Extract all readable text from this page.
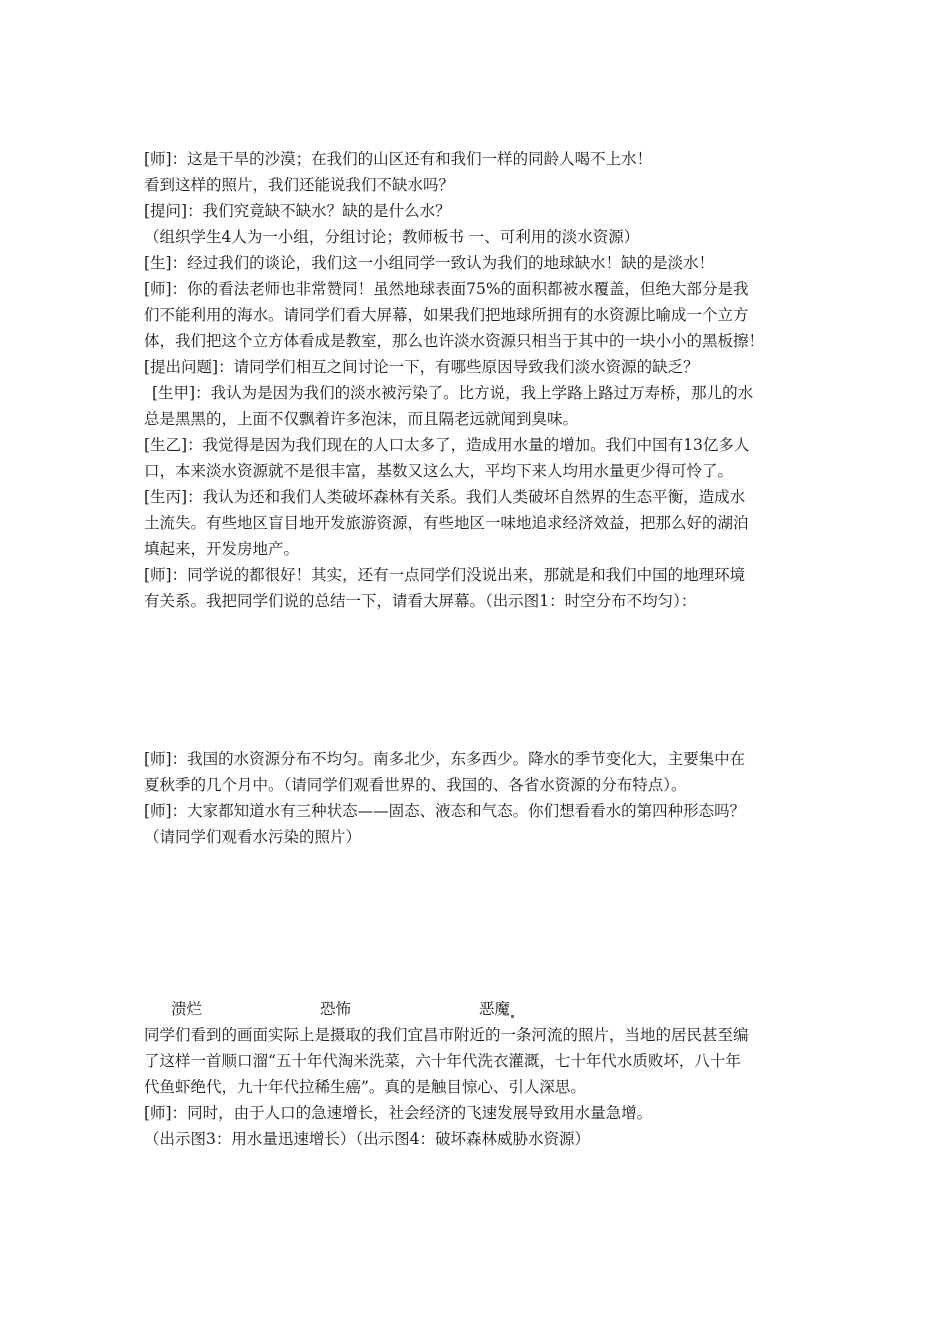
[师]：这是干旱的沙漠；在我们的山区还有和我们一样的同龄人喝不上水！
看到这样的照片，我们还能说我们不缺水吗？
[提问]：我们究竟缺不缺水？缺的是什么水？
（组织学生4人为一小组，分组讨论；教师板书 一、可利用的淡水资源）
[生]：经过我们的谈论，我们这一小组同学一致认为我们的地球缺水！缺的是淡水！
[师]：你的看法老师也非常赞同！虽然地球表面75%的面积都被水覆盖，但绝大部分是我
们不能利用的海水。请同学们看大屏幕，如果我们把地球所拥有的水资源比喻成一个立方
体，我们把这个立方体看成是教室，那么也许淡水资源只相当于其中的一块小小的黑板擦！
[提出问题]：请同学们相互之间讨论一下，有哪些原因导致我们淡水资源的缺乏？
[生甲]：我认为是因为我们的淡水被污染了。比方说，我上学路上路过万寿桥，那儿的水
总是黑黑的，上面不仅飘着许多泡沫，而且隔老远就闻到臭味。
[生乙]：我觉得是因为我们现在的人口太多了，造成用水量的增加。我们中国有13亿多人
口，本来淡水资源就不是很丰富，基数又这么大，平均下来人均用水量更少得可怜了。
[生丙]：我认为还和我们人类破坏森林有关系。我们人类破坏自然界的生态平衡，造成水
土流失。有些地区盲目地开发旅游资源，有些地区一味地追求经济效益，把那么好的湖泊
填起来，开发房地产。
[师]：同学说的都很好！其实，还有一点同学们没说出来，那就是和我们中国的地理环境
有关系。我把同学们说的总结一下，请看大屏幕。（出示图1：时空分布不均匀）：
[师]：我国的水资源分布不均匀。南多北少，东多西少。降水的季节变化大，主要集中在
夏秋季的几个月中。（请同学们观看世界的、我国的、各省水资源的分布特点）。
[师]：大家都知道水有三种状态——固态、液态和气态。你们想看看水的第四种形态吗？
（请同学们观看水污染的照片）
溃烂	恐怖	恶魔
同学们看到的画面实际上是摄取的我们宜昌市附近的一条河流的照片，当地的居民甚至编
了这样一首顺口溜“五十年代淘米洗菜，六十年代洗衣灌溉，七十年代水质败坏，八十年
代鱼虾绝代，九十年代拉稀生癌”。真的是触目惊心、引人深思。
[师]：同时，由于人口的急速增长，社会经济的飞速发展导致用水量急增。
（出示图3：用水量迅速增长）（出示图4：破坏森林威胁水资源）
